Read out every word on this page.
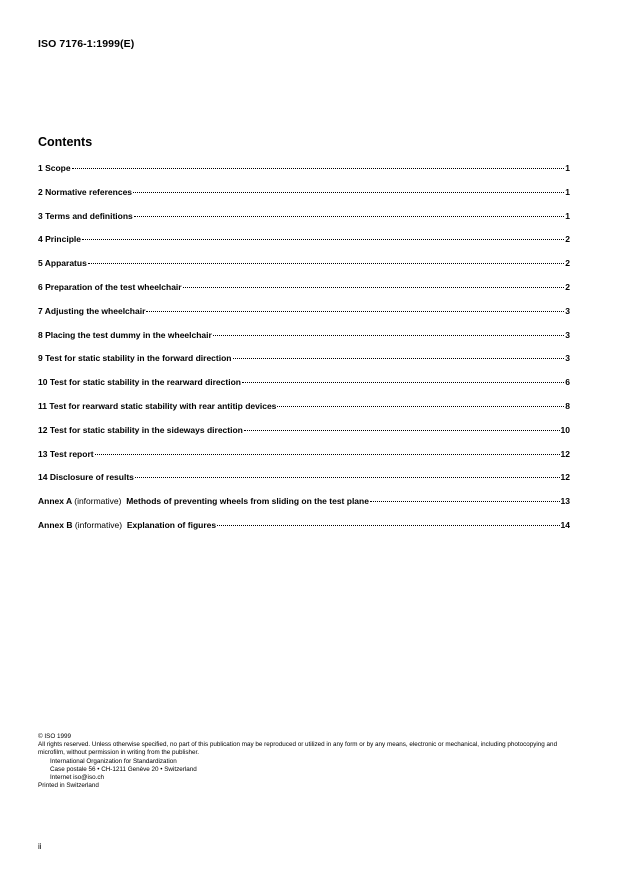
ISO 7176-1:1999(E)
Contents
1 Scope	1
2 Normative references	1
3 Terms and definitions	1
4 Principle	2
5 Apparatus	2
6 Preparation of the test wheelchair	2
7 Adjusting the wheelchair	3
8 Placing the test dummy in the wheelchair	3
9 Test for static stability in the forward direction	3
10 Test for static stability in the rearward direction	6
11 Test for rearward static stability with rear antitip devices	8
12 Test for static stability in the sideways direction	10
13 Test report	12
14 Disclosure of results	12
Annex A (informative) Methods of preventing wheels from sliding on the test plane	13
Annex B (informative) Explanation of figures	14
© ISO 1999
All rights reserved. Unless otherwise specified, no part of this publication may be reproduced or utilized in any form or by any means, electronic or mechanical, including photocopying and microfilm, without permission in writing from the publisher.
International Organization for Standardization
Case postale 56 • CH-1211 Genève 20 • Switzerland
Internet iso@iso.ch
Printed in Switzerland
ii
